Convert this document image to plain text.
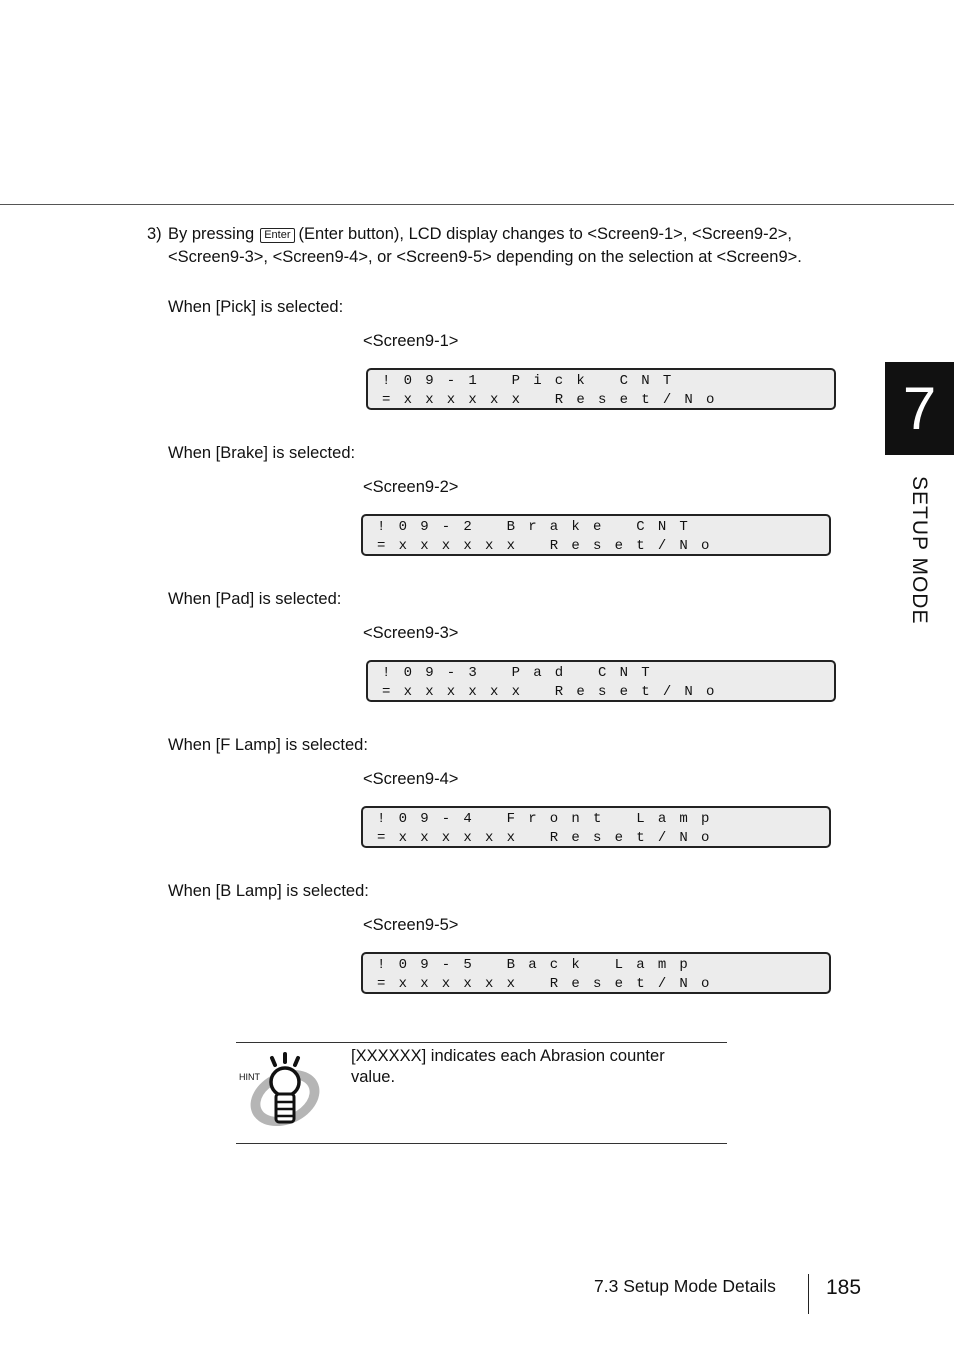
3) By pressing Enter (Enter button), LCD display changes to <Screen9-1>, <Screen9-2>, <Screen9-3>, <Screen9-4>, or <Screen9-5> depending on the selection at <Screen9>.
When [Pick] is selected:
<Screen9-1>
!09-1 Pick CNT
=xxxxxx Reset/No
When [Brake] is selected:
<Screen9-2>
!09-2 Brake CNT
=xxxxxx Reset/No
When [Pad] is selected:
<Screen9-3>
!09-3 Pad CNT
=xxxxxx Reset/No
When [F Lamp] is selected:
<Screen9-4>
!09-4 Front Lamp
=xxxxxx Reset/No
When [B Lamp] is selected:
<Screen9-5>
!09-5 Back Lamp
=xxxxxx Reset/No
HINT
[XXXXXX] indicates each Abrasion counter value.
7
SETUP MODE
7.3 Setup Mode Details 185
